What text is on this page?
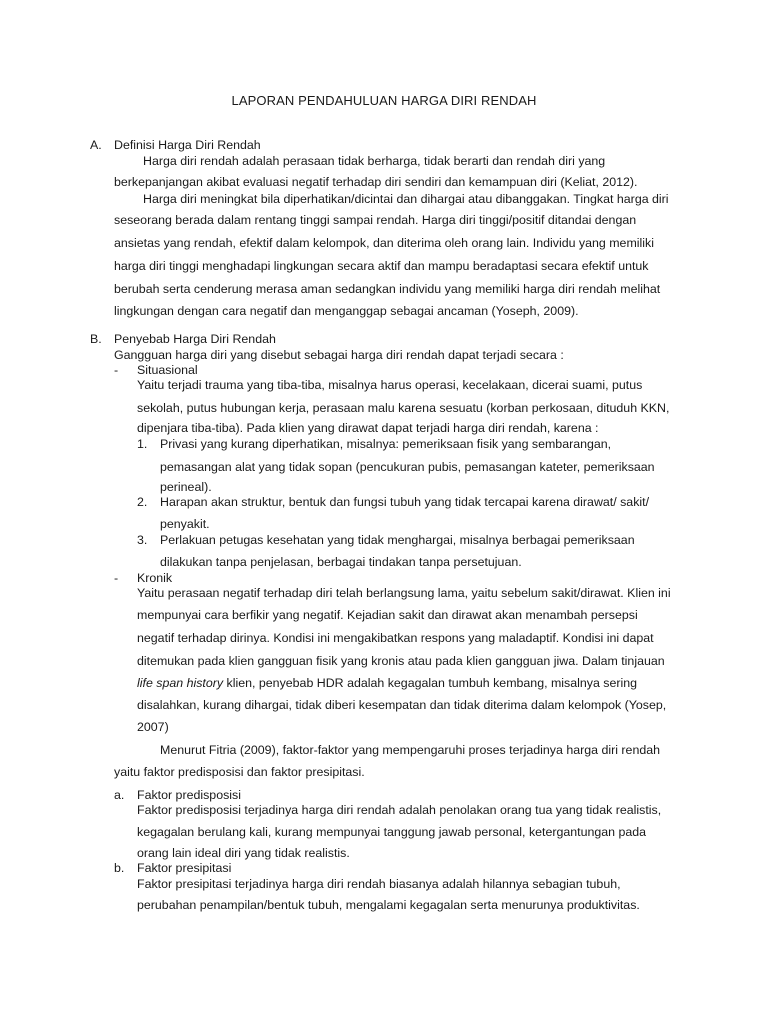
LAPORAN PENDAHULUAN HARGA DIRI RENDAH
A. Definisi Harga Diri Rendah
Harga diri rendah adalah perasaan tidak berharga, tidak berarti dan rendah diri yang
berkepanjangan akibat evaluasi negatif terhadap diri sendiri dan kemampuan diri (Keliat, 2012).
Harga diri meningkat bila diperhatikan/dicintai dan dihargai atau dibanggakan. Tingkat harga diri
seseorang berada dalam rentang tinggi sampai rendah. Harga diri tinggi/positif ditandai dengan
ansietas yang rendah, efektif dalam kelompok, dan diterima oleh orang lain. Individu yang memiliki
harga diri tinggi menghadapi lingkungan secara aktif dan mampu beradaptasi secara efektif untuk
berubah serta cenderung merasa aman sedangkan individu yang memiliki harga diri rendah melihat
lingkungan dengan cara negatif dan menganggap sebagai ancaman (Yoseph, 2009).
B. Penyebab Harga Diri Rendah
Gangguan harga diri yang disebut sebagai harga diri rendah dapat terjadi secara :
- Situasional
Yaitu terjadi trauma yang tiba-tiba, misalnya harus operasi, kecelakaan, dicerai suami, putus
sekolah, putus hubungan kerja, perasaan malu karena sesuatu (korban perkosaan, dituduh KKN,
dipenjara tiba-tiba). Pada klien yang dirawat dapat terjadi harga diri rendah, karena :
1. Privasi yang kurang diperhatikan, misalnya: pemeriksaan fisik yang sembarangan,
pemasangan alat yang tidak sopan (pencukuran pubis, pemasangan kateter, pemeriksaan
perineal).
2. Harapan akan struktur, bentuk dan fungsi tubuh yang tidak tercapai karena dirawat/ sakit/
penyakit.
3. Perlakuan petugas kesehatan yang tidak menghargai, misalnya berbagai pemeriksaan
dilakukan tanpa penjelasan, berbagai tindakan tanpa persetujuan.
- Kronik
Yaitu perasaan negatif terhadap diri telah berlangsung lama, yaitu sebelum sakit/dirawat. Klien ini
mempunyai cara berfikir yang negatif. Kejadian sakit dan dirawat akan menambah persepsi
negatif terhadap dirinya. Kondisi ini mengakibatkan respons yang maladaptif. Kondisi ini dapat
ditemukan pada klien gangguan fisik yang kronis atau pada klien gangguan jiwa. Dalam tinjauan
life span history klien, penyebab HDR adalah kegagalan tumbuh kembang, misalnya sering
disalahkan, kurang dihargai, tidak diberi kesempatan dan tidak diterima dalam kelompok (Yosep,
2007)
Menurut Fitria (2009), faktor-faktor yang mempengaruhi proses terjadinya harga diri rendah
yaitu faktor predisposisi dan faktor presipitasi.
a. Faktor predisposisi
Faktor predisposisi terjadinya harga diri rendah adalah penolakan orang tua yang tidak realistis,
kegagalan berulang kali, kurang mempunyai tanggung jawab personal, ketergantungan pada
orang lain ideal diri yang tidak realistis.
b. Faktor presipitasi
Faktor presipitasi terjadinya harga diri rendah biasanya adalah hilannya sebagian tubuh,
perubahan penampilan/bentuk tubuh, mengalami kegagalan serta menurunya produktivitas.
